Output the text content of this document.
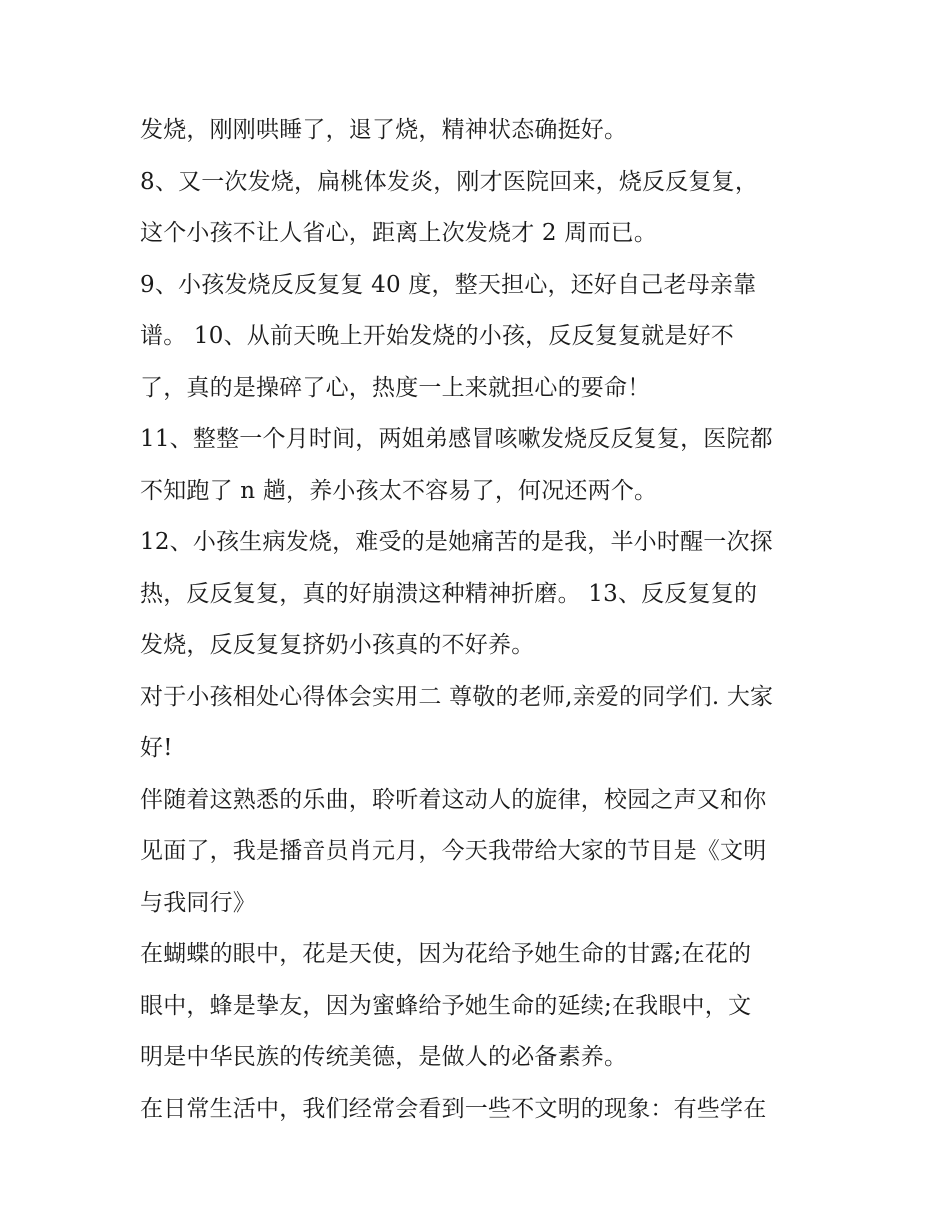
发烧，刚刚哄睡了，退了烧，精神状态确挺好。
8、又一次发烧，扁桃体发炎，刚才医院回来，烧反反复复，
这个小孩不让人省心，距离上次发烧才 2 周而已。
9、小孩发烧反反复复 40 度，整天担心，还好自己老母亲靠
谱。 10、从前天晚上开始发烧的小孩，反反复复就是好不
了，真的是操碎了心，热度一上来就担心的要命！
11、整整一个月时间，两姐弟感冒咳嗽发烧反反复复，医院都
不知跑了 n 趟，养小孩太不容易了，何况还两个。
12、小孩生病发烧，难受的是她痛苦的是我，半小时醒一次探
热，反反复复，真的好崩溃这种精神折磨。 13、反反复复的
发烧，反反复复挤奶小孩真的不好养。
对于小孩相处心得体会实用二 尊敬的老师,亲爱的同学们. 大家
好!
伴随着这熟悉的乐曲，聆听着这动人的旋律，校园之声又和你
见面了，我是播音员肖元月，今天我带给大家的节目是《文明
与我同行》
在蝴蝶的眼中，花是天使，因为花给予她生命的甘露;在花的
眼中，蜂是挚友，因为蜜蜂给予她生命的延续;在我眼中，文
明是中华民族的传统美德，是做人的必备素养。
在日常生活中，我们经常会看到一些不文明的现象：有些学在
